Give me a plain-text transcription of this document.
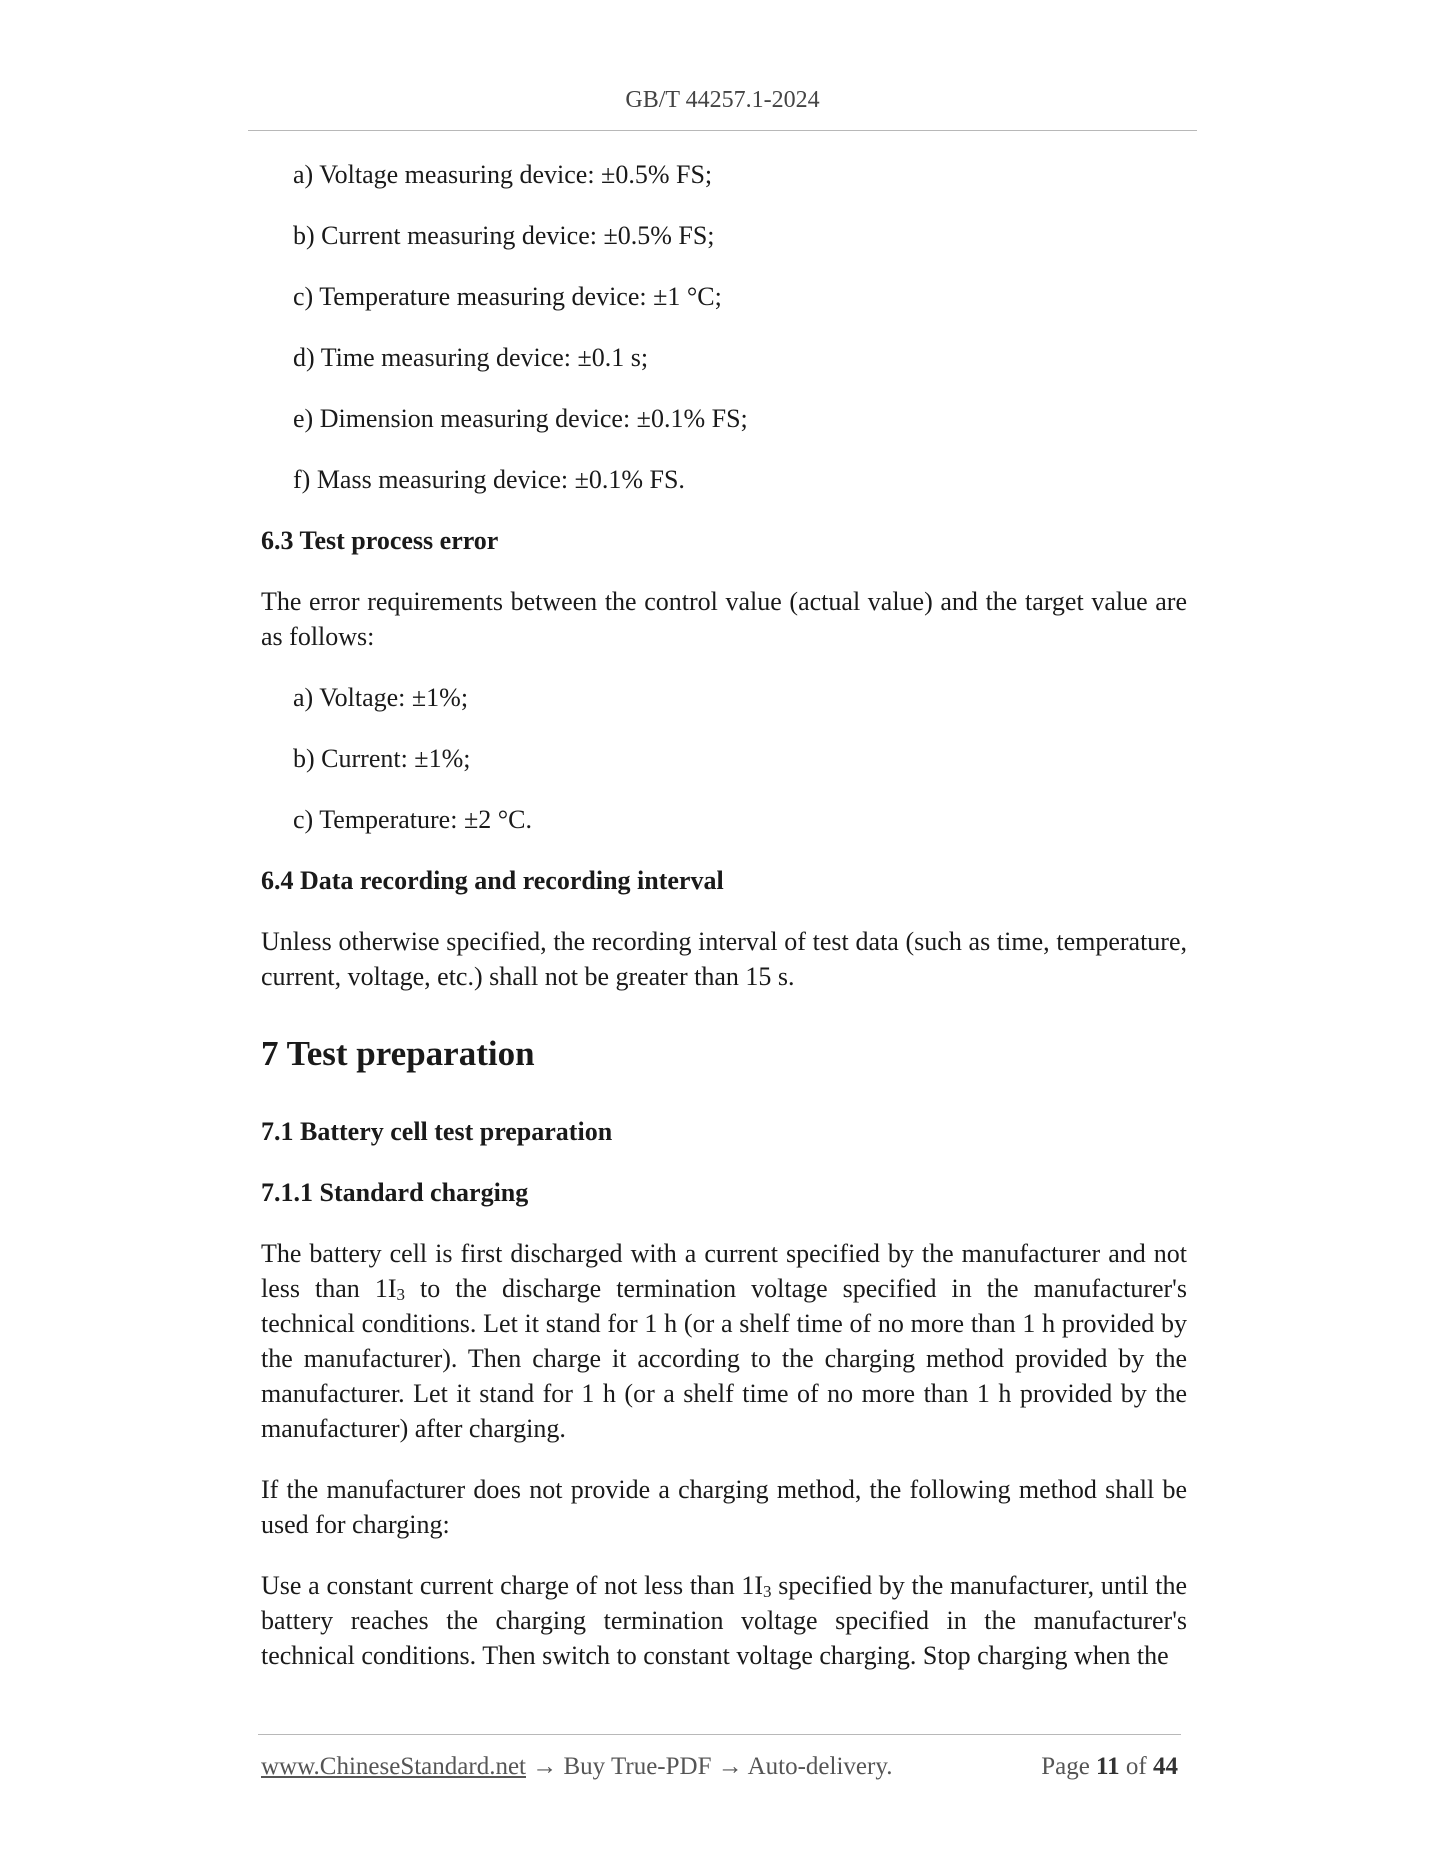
GB/T 44257.1-2024
a) Voltage measuring device: ±0.5% FS;
b) Current measuring device: ±0.5% FS;
c) Temperature measuring device: ±1 °C;
d) Time measuring device: ±0.1 s;
e) Dimension measuring device: ±0.1% FS;
f) Mass measuring device: ±0.1% FS.
6.3 Test process error
The error requirements between the control value (actual value) and the target value are as follows:
a) Voltage: ±1%;
b) Current: ±1%;
c) Temperature: ±2 °C.
6.4 Data recording and recording interval
Unless otherwise specified, the recording interval of test data (such as time, temperature, current, voltage, etc.) shall not be greater than 15 s.
7 Test preparation
7.1 Battery cell test preparation
7.1.1 Standard charging
The battery cell is first discharged with a current specified by the manufacturer and not less than $1I_3$ to the discharge termination voltage specified in the manufacturer's technical conditions. Let it stand for 1 h (or a shelf time of no more than 1 h provided by the manufacturer). Then charge it according to the charging method provided by the manufacturer. Let it stand for 1 h (or a shelf time of no more than 1 h provided by the manufacturer) after charging.
If the manufacturer does not provide a charging method, the following method shall be used for charging:
Use a constant current charge of not less than $1I_3$ specified by the manufacturer, until the battery reaches the charging termination voltage specified in the manufacturer's technical conditions. Then switch to constant voltage charging. Stop charging when the
www.ChineseStandard.net → Buy True-PDF → Auto-delivery.	Page 11 of 44
